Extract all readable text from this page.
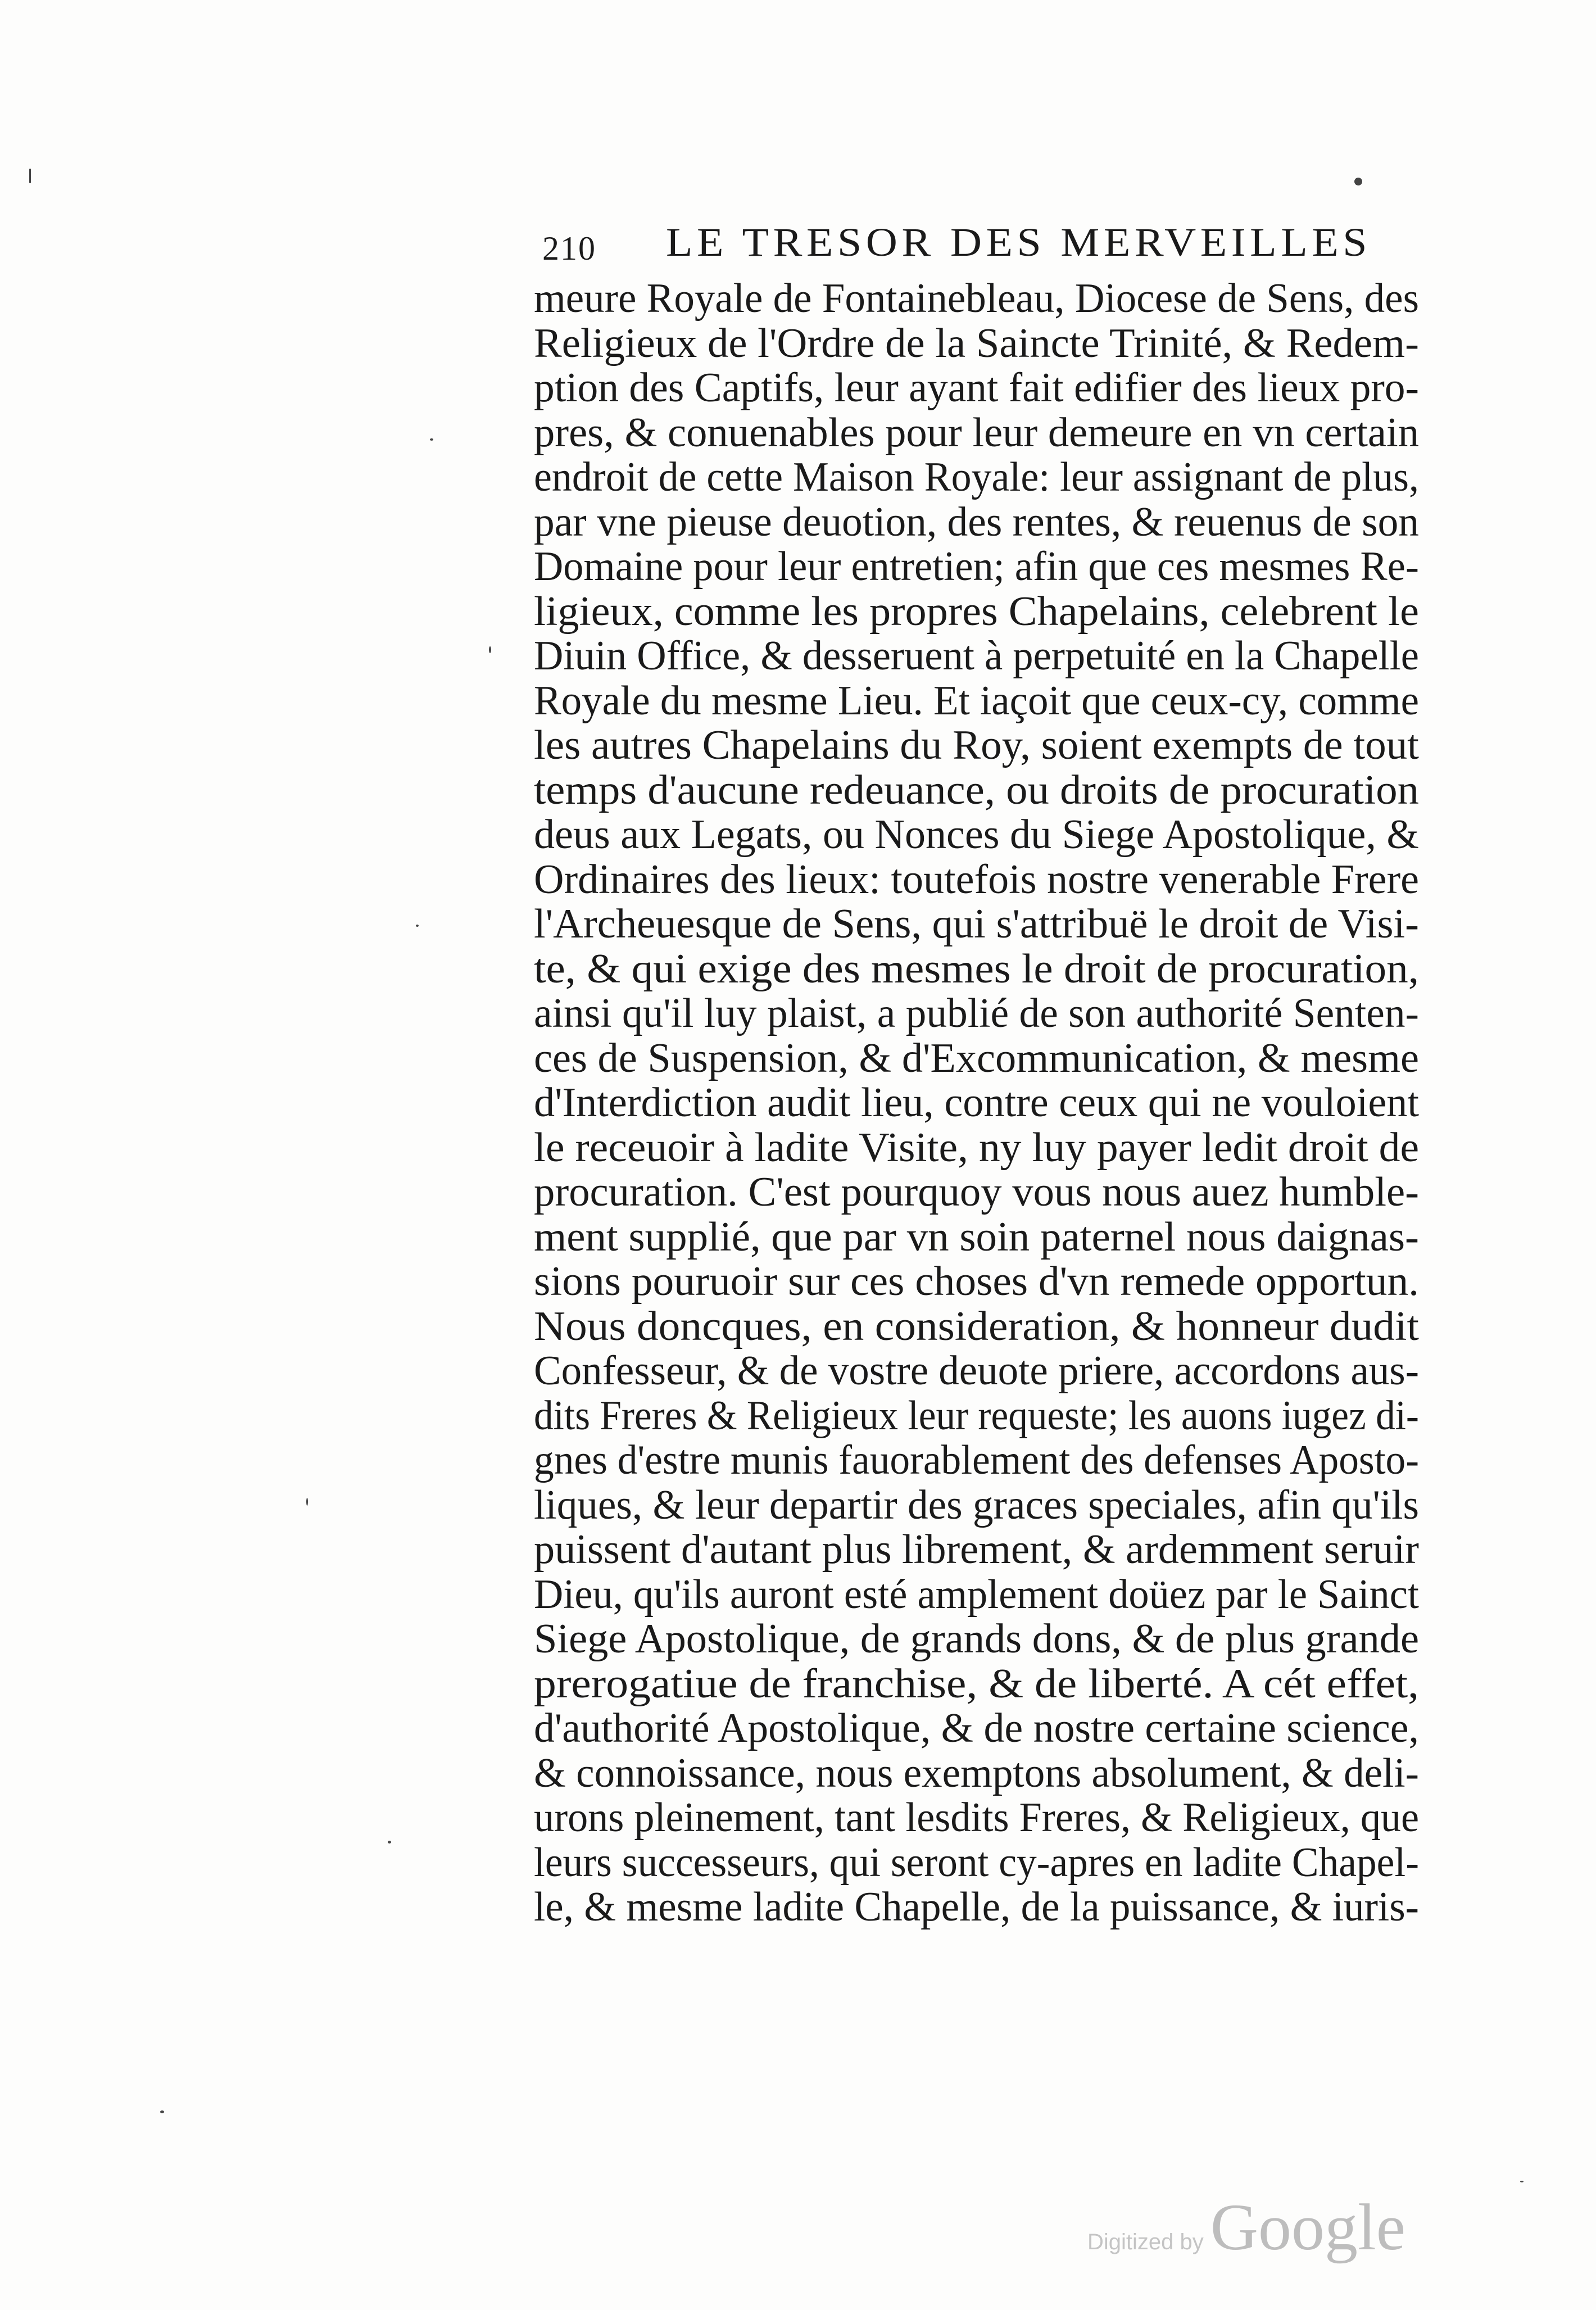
210 LE TRESOR DES MERVEILLES
meure Royale de Fontainebleau, Diocese de Sens, des
Religieux de l'Ordre de la Saincte Trinité, & Redem-
ption des Captifs, leur ayant fait edifier des lieux pro-
pres, & conuenables pour leur demeure en vn certain
endroit de cette Maison Royale: leur assignant de plus,
par vne pieuse deuotion, des rentes, & reuenus de son
Domaine pour leur entretien; afin que ces mesmes Re-
ligieux, comme les propres Chapelains, celebrent le
Diuin Office, & desseruent à perpetuité en la Chapelle
Royale du mesme Lieu. Et iaçoit que ceux-cy, comme
les autres Chapelains du Roy, soient exempts de tout
temps d'aucune redeuance, ou droits de procuration
deus aux Legats, ou Nonces du Siege Apostolique, &
Ordinaires des lieux: toutefois nostre venerable Frere
l'Archeuesque de Sens, qui s'attribuë le droit de Visi-
te, & qui exige des mesmes le droit de procuration,
ainsi qu'il luy plaist, a publié de son authorité Senten-
ces de Suspension, & d'Excommunication, & mesme
d'Interdiction audit lieu, contre ceux qui ne vouloient
le receuoir à ladite Visite, ny luy payer ledit droit de
procuration. C'est pourquoy vous nous auez humble-
ment supplié, que par vn soin paternel nous daignas-
sions pouruoir sur ces choses d'vn remede opportun.
Nous doncques, en consideration, & honneur dudit
Confesseur, & de vostre deuote priere, accordons aus-
dits Freres & Religieux leur requeste; les auons iugez di-
gnes d'estre munis fauorablement des defenses Aposto-
liques, & leur departir des graces speciales, afin qu'ils
puissent d'autant plus librement, & ardemment seruir
Dieu, qu'ils auront esté amplement doüez par le Sainct
Siege Apostolique, de grands dons, & de plus grande
prerogatiue de franchise, & de liberté. A cét effet,
d'authorité Apostolique, & de nostre certaine science,
& connoissance, nous exemptons absolument, & deli-
urons pleinement, tant lesdits Freres, & Religieux, que
leurs successeurs, qui seront cy-apres en ladite Chapel-
le, & mesme ladite Chapelle, de la puissance, & iuris-
Digitized by Google
